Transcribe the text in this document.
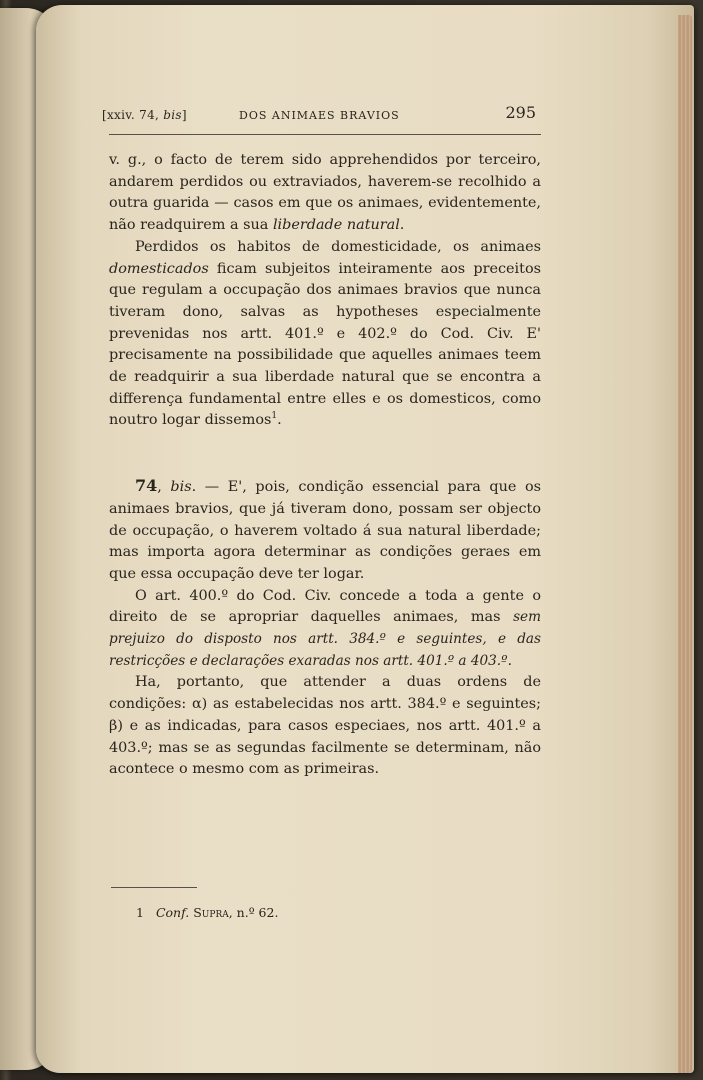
[xxiv. 74, bis]	DOS ANIMAES BRAVIOS	295

v. g., o facto de terem sido apprehendidos por terceiro, andarem perdidos ou extraviados, haverem-se recolhido a outra guarida — casos em que os animaes, evidentemente, não readquirem a sua liberdade natural.

Perdidos os habitos de domesticidade, os animaes domesticados ficam subjeitos inteiramente aos preceitos que regulam a occupação dos animaes bravios que nunca tiveram dono, salvas as hypotheses especialmente prevenidas nos artt. 401.º e 402.º do Cod. Civ. E' precisamente na possibilidade que aquelles animaes teem de readquirir a sua liberdade natural que se encontra a differença fundamental entre elles e os domesticos, como noutro logar dissemos$^1$.

74, bis. — E', pois, condição essencial para que os animaes bravios, que já tiveram dono, possam ser objecto de occupação, o haverem voltado á sua natural liberdade; mas importa agora determinar as condições geraes em que essa occupação deve ter logar.

O art. 400.º do Cod. Civ. concede a toda a gente o direito de se apropriar daquelles animaes, mas sem prejuizo do disposto nos artt. 384.º e seguintes, e das restricções e declarações exaradas nos artt. 401.º a 403.º.

Ha, portanto, que attender a duas ordens de condições: α) as estabelecidas nos artt. 384.º e seguintes; β) e as indicadas, para casos especiaes, nos artt. 401.º a 403.º; mas se as segundas facilmente se determinam, não acontece o mesmo com as primeiras.

1 Conf. Supra, n.º 62.
